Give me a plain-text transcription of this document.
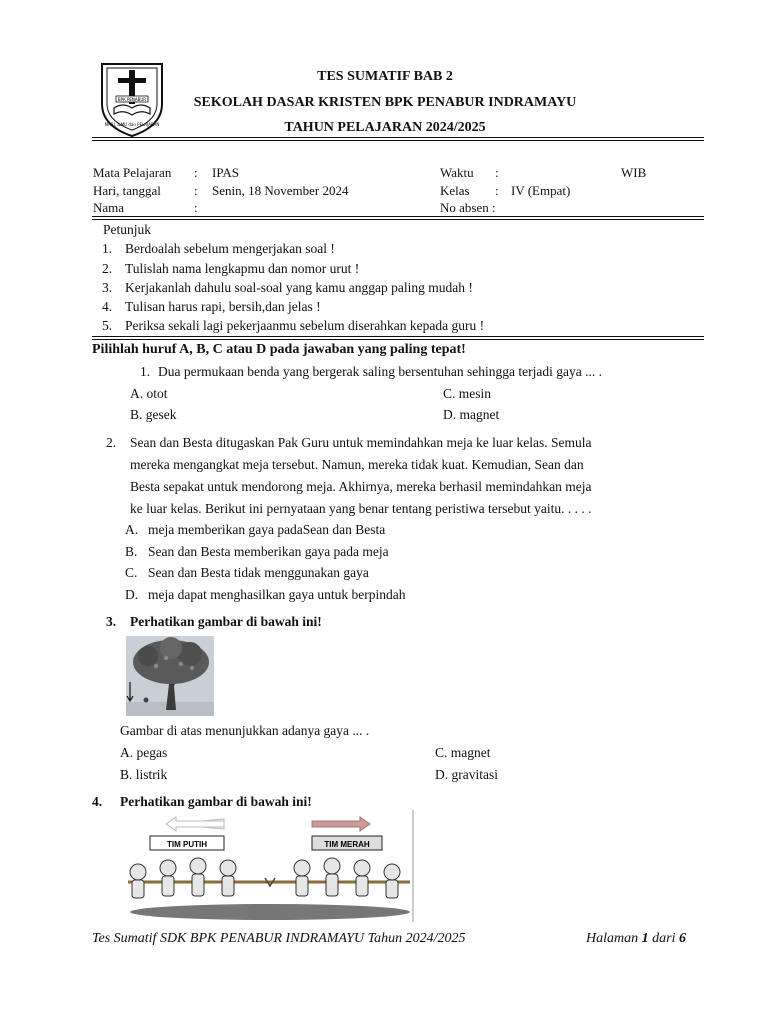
BPK PENABUR
MARI, ILMU dan PELAJARAN
TES SUMATIF BAB 2
SEKOLAH DASAR KRISTEN BPK PENABUR INDRAMAYU
TAHUN PELAJARAN 2024/2025
Mata Pelajaran : IPAS	Waktu :	WIB
Hari, tanggal	: Senin, 18 November 2024	Kelas : IV (Empat)
Nama	:	No absen :
Petunjuk
1. Berdoalah sebelum mengerjakan soal !
2. Tulislah nama lengkapmu dan nomor urut !
3. Kerjakanlah dahulu soal-soal yang kamu anggap paling mudah !
4. Tulisan harus rapi, bersih,dan jelas !
5. Periksa sekali lagi pekerjaanmu sebelum diserahkan kepada guru !
Pilihlah huruf A, B, C atau D pada jawaban yang paling tepat!
1. Dua permukaan benda yang bergerak saling bersentuhan sehingga terjadi gaya ... .
A. otot	C. mesin
B. gesek	D. magnet
2. Sean dan Besta ditugaskan Pak Guru untuk memindahkan meja ke luar kelas. Semula
mereka mengangkat meja tersebut. Namun, mereka tidak kuat. Kemudian, Sean dan
Besta sepakat untuk mendorong meja. Akhirnya, mereka berhasil memindahkan meja
ke luar kelas. Berikut ini pernyataan yang benar tentang peristiwa tersebut yaitu. . . . .
A. meja memberikan gaya padaSean dan Besta
B. Sean dan Besta memberikan gaya pada meja
C. Sean dan Besta tidak menggunakan gaya
D. meja dapat menghasilkan gaya untuk berpindah
3. Perhatikan gambar di bawah ini!
Gambar di atas menunjukkan adanya gaya ... .
A. pegas	C. magnet
B. listrik	D. gravitasi
4. Perhatikan gambar di bawah ini!
TIM PUTIH	TIM MERAH
Tes Sumatif SDK BPK PENABUR INDRAMAYU Tahun 2024/2025	Halaman 1 dari 6
